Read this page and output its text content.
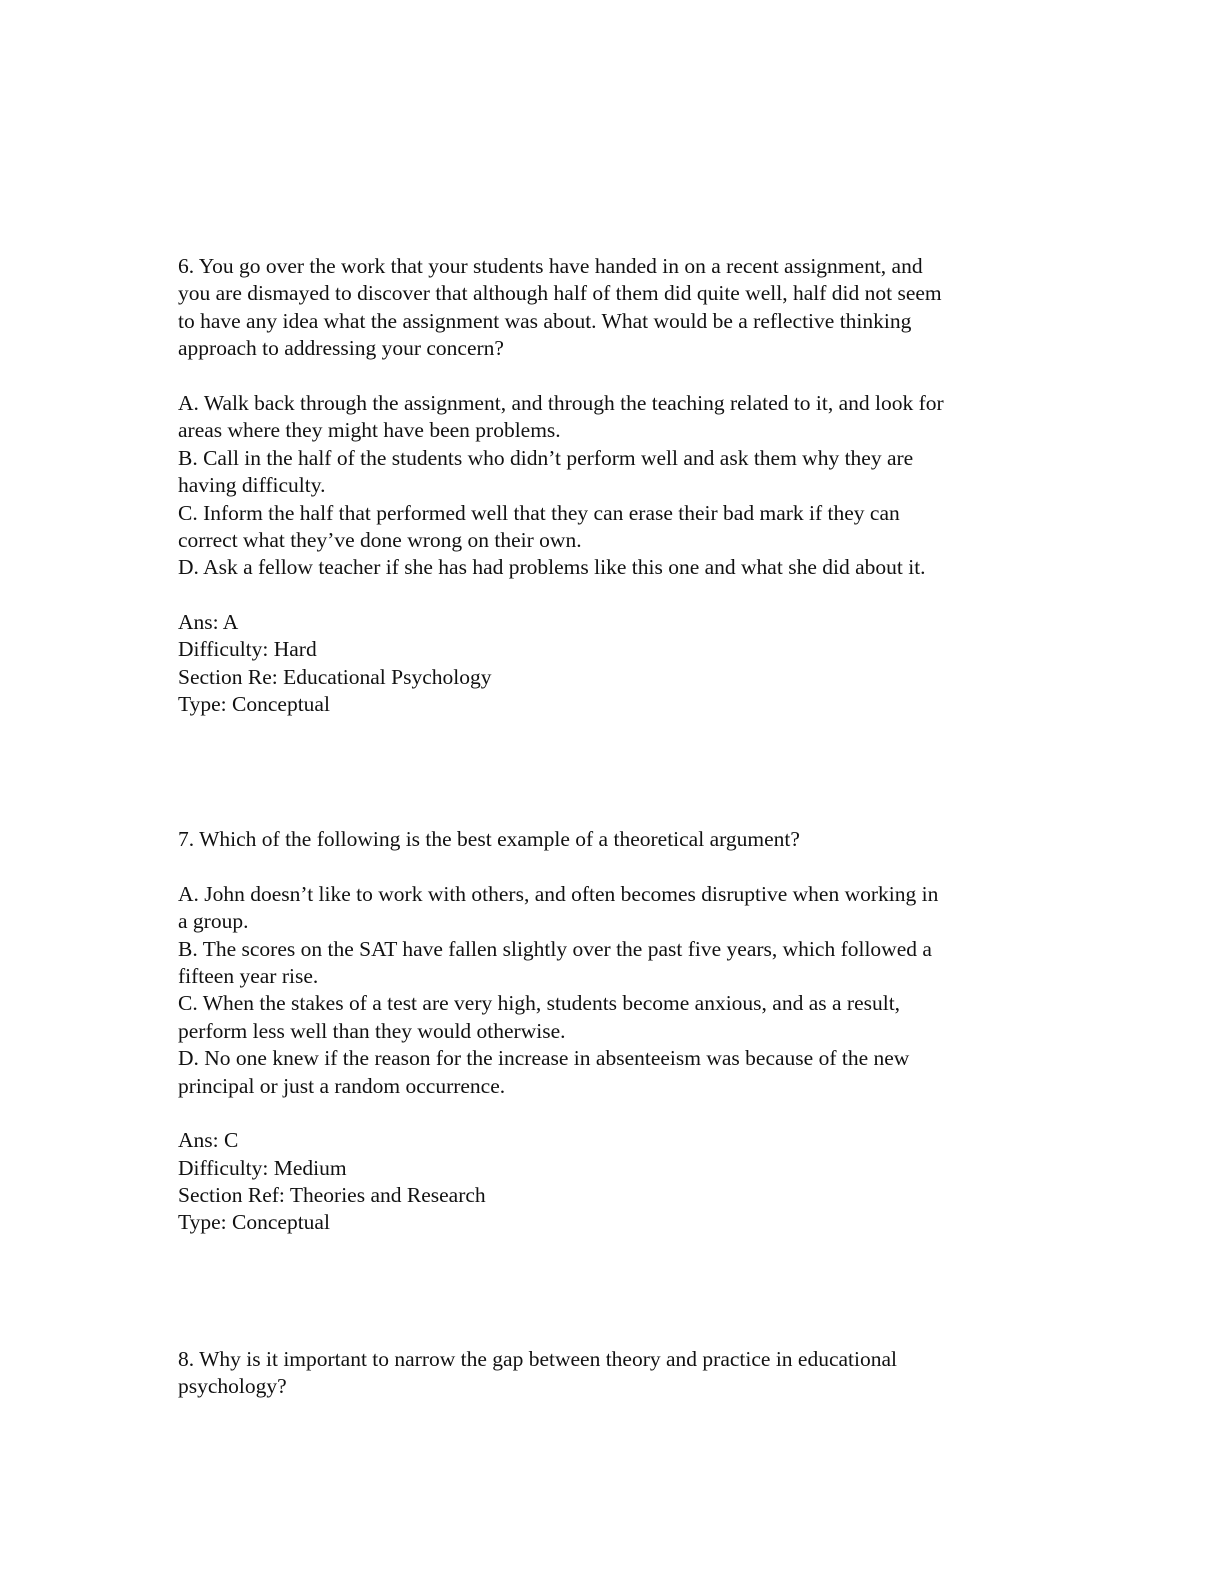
6. You go over the work that your students have handed in on a recent assignment, and
you are dismayed to discover that although half of them did quite well, half did not seem
to have any idea what the assignment was about. What would be a reflective thinking
approach to addressing your concern?
A. Walk back through the assignment, and through the teaching related to it, and look for
areas where they might have been problems.
B. Call in the half of the students who didn’t perform well and ask them why they are
having difficulty.
C. Inform the half that performed well that they can erase their bad mark if they can
correct what they’ve done wrong on their own.
D. Ask a fellow teacher if she has had problems like this one and what she did about it.
Ans: A
Difficulty: Hard
Section Re: Educational Psychology
Type: Conceptual
7. Which of the following is the best example of a theoretical argument?
A. John doesn’t like to work with others, and often becomes disruptive when working in
a group.
B. The scores on the SAT have fallen slightly over the past five years, which followed a
fifteen year rise.
C. When the stakes of a test are very high, students become anxious, and as a result,
perform less well than they would otherwise.
D. No one knew if the reason for the increase in absenteeism was because of the new
principal or just a random occurrence.
Ans: C
Difficulty: Medium
Section Ref: Theories and Research
Type: Conceptual
8. Why is it important to narrow the gap between theory and practice in educational
psychology?
